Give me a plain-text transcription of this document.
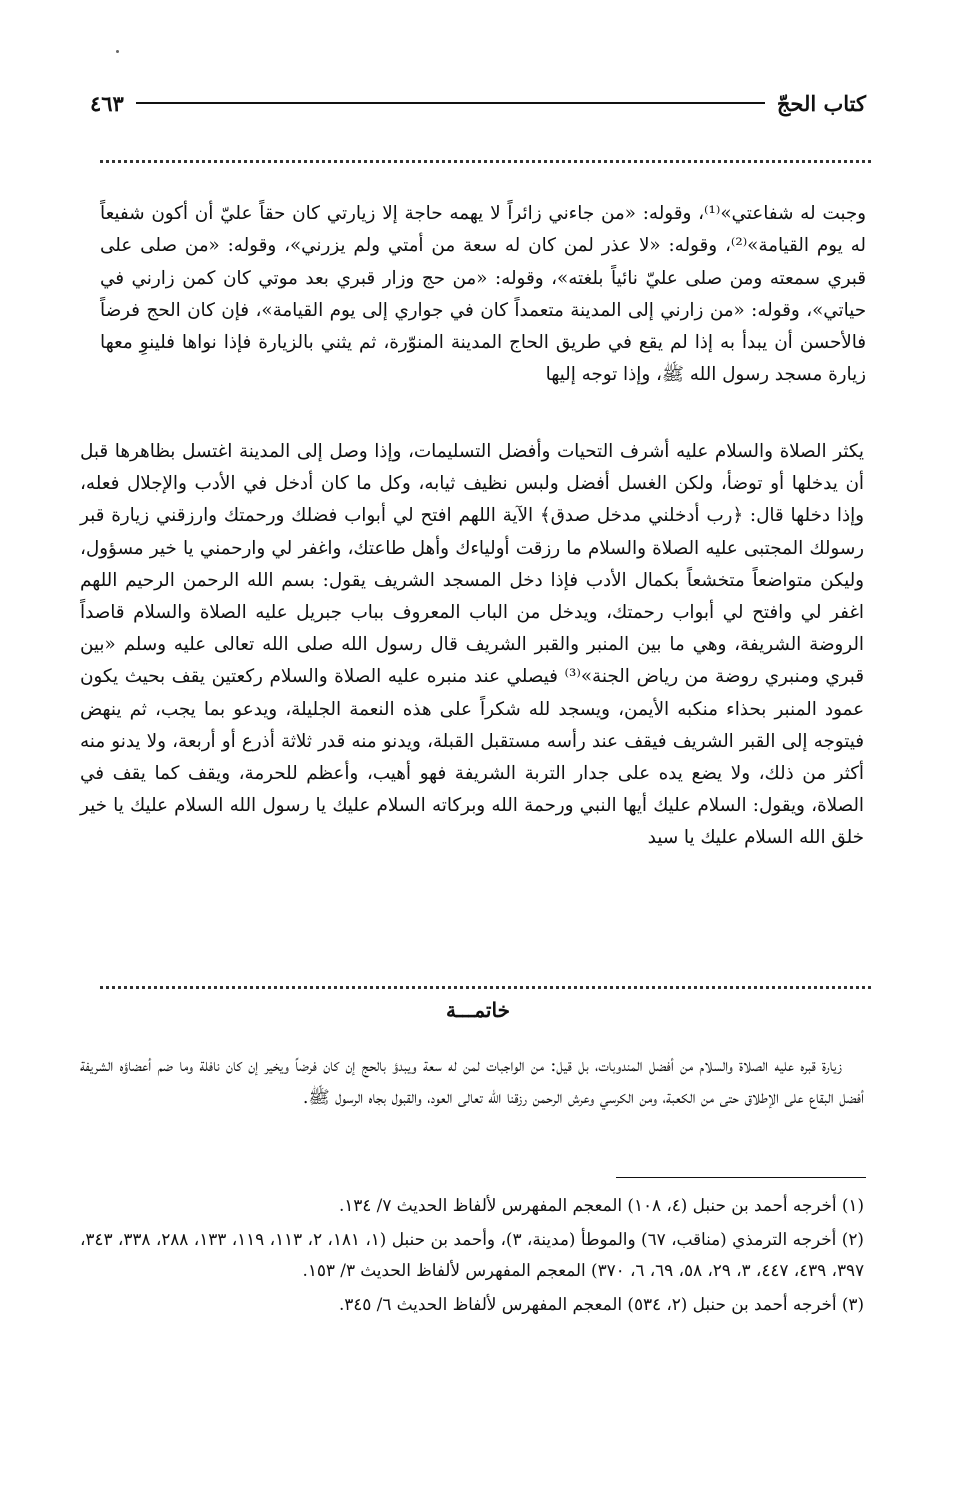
كتاب الحجّ
٤٦٣

وجبت له شفاعتي»⁽¹⁾، وقوله: «من جاءني زائراً لا يهمه حاجة إلا زيارتي كان حقاً عليّ أن أكون شفيعاً له يوم القيامة»⁽²⁾، وقوله: «لا عذر لمن كان له سعة من أمتي ولم يزرني»، وقوله: «من صلى على قبري سمعته ومن صلى عليّ نائياً بلغته»، وقوله: «من حج وزار قبري بعد موتي كان كمن زارني في حياتي»، وقوله: «من زارني إلى المدينة متعمداً كان في جواري إلى يوم القيامة»، فإن كان الحج فرضاً فالأحسن أن يبدأ به إذا لم يقع في طريق الحاج المدينة المنوّرة، ثم يثني بالزيارة فإذا نواها فلينوِ معها زيارة مسجد رسول الله ﷺ، وإذا توجه إليها

يكثر الصلاة والسلام عليه أشرف التحيات وأفضل التسليمات، وإذا وصل إلى المدينة اغتسل بظاهرها قبل أن يدخلها أو توضأ، ولكن الغسل أفضل ولبس نظيف ثيابه، وكل ما كان أدخل في الأدب والإجلال فعله، وإذا دخلها قال: ﴿رب أدخلني مدخل صدق﴾ الآية اللهم افتح لي أبواب فضلك ورحمتك وارزقني زيارة قبر رسولك المجتبى عليه الصلاة والسلام ما رزقت أولياءك وأهل طاعتك، واغفر لي وارحمني يا خير مسؤول، وليكن متواضعاً متخشعاً بكمال الأدب فإذا دخل المسجد الشريف يقول: بسم الله الرحمن الرحيم اللهم اغفر لي وافتح لي أبواب رحمتك، ويدخل من الباب المعروف بباب جبريل عليه الصلاة والسلام قاصداً الروضة الشريفة، وهي ما بين المنبر والقبر الشريف قال رسول الله صلى الله تعالى عليه وسلم «بين قبري ومنبري روضة من رياض الجنة»⁽³⁾ فيصلي عند منبره عليه الصلاة والسلام ركعتين يقف بحيث يكون عمود المنبر بحذاء منكبه الأيمن، ويسجد لله شكراً على هذه النعمة الجليلة، ويدعو بما يجب، ثم ينهض فيتوجه إلى القبر الشريف فيقف عند رأسه مستقبل القبلة، ويدنو منه قدر ثلاثة أذرع أو أربعة، ولا يدنو منه أكثر من ذلك، ولا يضع يده على جدار التربة الشريفة فهو أهيب، وأعظم للحرمة، ويقف كما يقف في الصلاة، ويقول: السلام عليك أيها النبي ورحمة الله وبركاته السلام عليك يا رسول الله السلام عليك يا خير خلق الله السلام عليك يا سيد

خاتمـــة

زيارة قبره عليه الصلاة والسلام من أفضل المندوبات، بل قيل: من الواجبات لمن له سعة ويبدؤ بالحج إن كان فرضاً ويخير إن كان نافلة وما ضم أعضاؤه الشريفة أفضل البقاع على الإطلاق حتى من الكعبة، ومن الكرسي وعرش الرحمن رزقنا الله تعالى العود، والقبول بجاه الرسول ﷺ.

(١) أخرجه أحمد بن حنبل (٤، ١٠٨) المعجم المفهرس لألفاظ الحديث ٧/ ١٣٤.

(٢) أخرجه الترمذي (مناقب، ٦٧) والموطأ (مدينة، ٣)، وأحمد بن حنبل (١، ١٨١، ٢، ١١٣، ١١٩، ١٣٣، ٢٨٨، ٣٣٨، ٣٤٣، ٣٩٧، ٤٣٩، ٤٤٧، ٣، ٢٩، ٥٨، ٦٩، ٦، ٣٧٠) المعجم المفهرس لألفاظ الحديث ٣/ ١٥٣.

(٣) أخرجه أحمد بن حنبل (٢، ٥٣٤) المعجم المفهرس لألفاظ الحديث ٦/ ٣٤٥.
